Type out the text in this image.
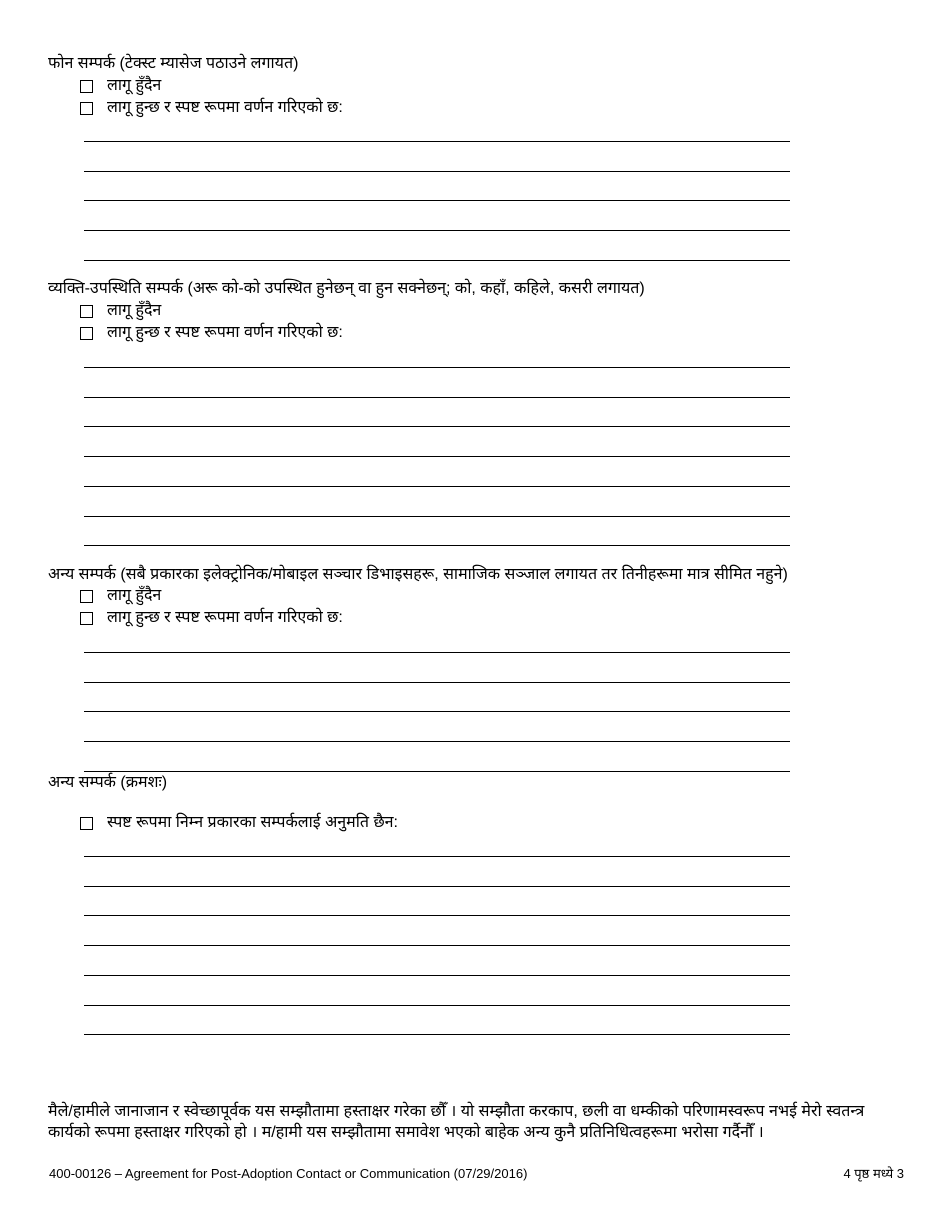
फोन सम्पर्क (टेक्स्ट म्यासेज पठाउने लगायत)
लागू हुँदैन
लागू हुन्छ र स्पष्ट रूपमा वर्णन गरिएको छ:
व्यक्ति-उपस्थिति सम्पर्क (अरू को-को उपस्थित हुनेछन् वा हुन सक्नेछन्; को, कहाँ, कहिले, कसरी लगायत)
लागू हुँदैन
लागू हुन्छ र स्पष्ट रूपमा वर्णन गरिएको छ:
अन्य सम्पर्क (सबै प्रकारका इलेक्ट्रोनिक/मोबाइल सञ्चार डिभाइसहरू, सामाजिक सञ्जाल लगायत तर तिनीहरूमा मात्र सीमित नहुने)
लागू हुँदैन
लागू हुन्छ र स्पष्ट रूपमा वर्णन गरिएको छ:
अन्य सम्पर्क (क्रमशः)
स्पष्ट रूपमा निम्न प्रकारका सम्पर्कलाई अनुमति छैन:
मैले/हामीले जानाजान र स्वेच्छापूर्वक यस सम्झौतामा हस्ताक्षर गरेका छौँ । यो सम्झौता करकाप, छली वा धम्कीको परिणामस्वरूप नभई मेरो स्वतन्त्र कार्यको रूपमा हस्ताक्षर गरिएको हो । म/हामी यस सम्झौतामा समावेश भएको बाहेक अन्य कुनै प्रतिनिधित्वहरूमा भरोसा गर्दैनौँ ।
400-00126 – Agreement for Post-Adoption Contact or Communication (07/29/2016)	4 पृष्ठ मध्ये 3
